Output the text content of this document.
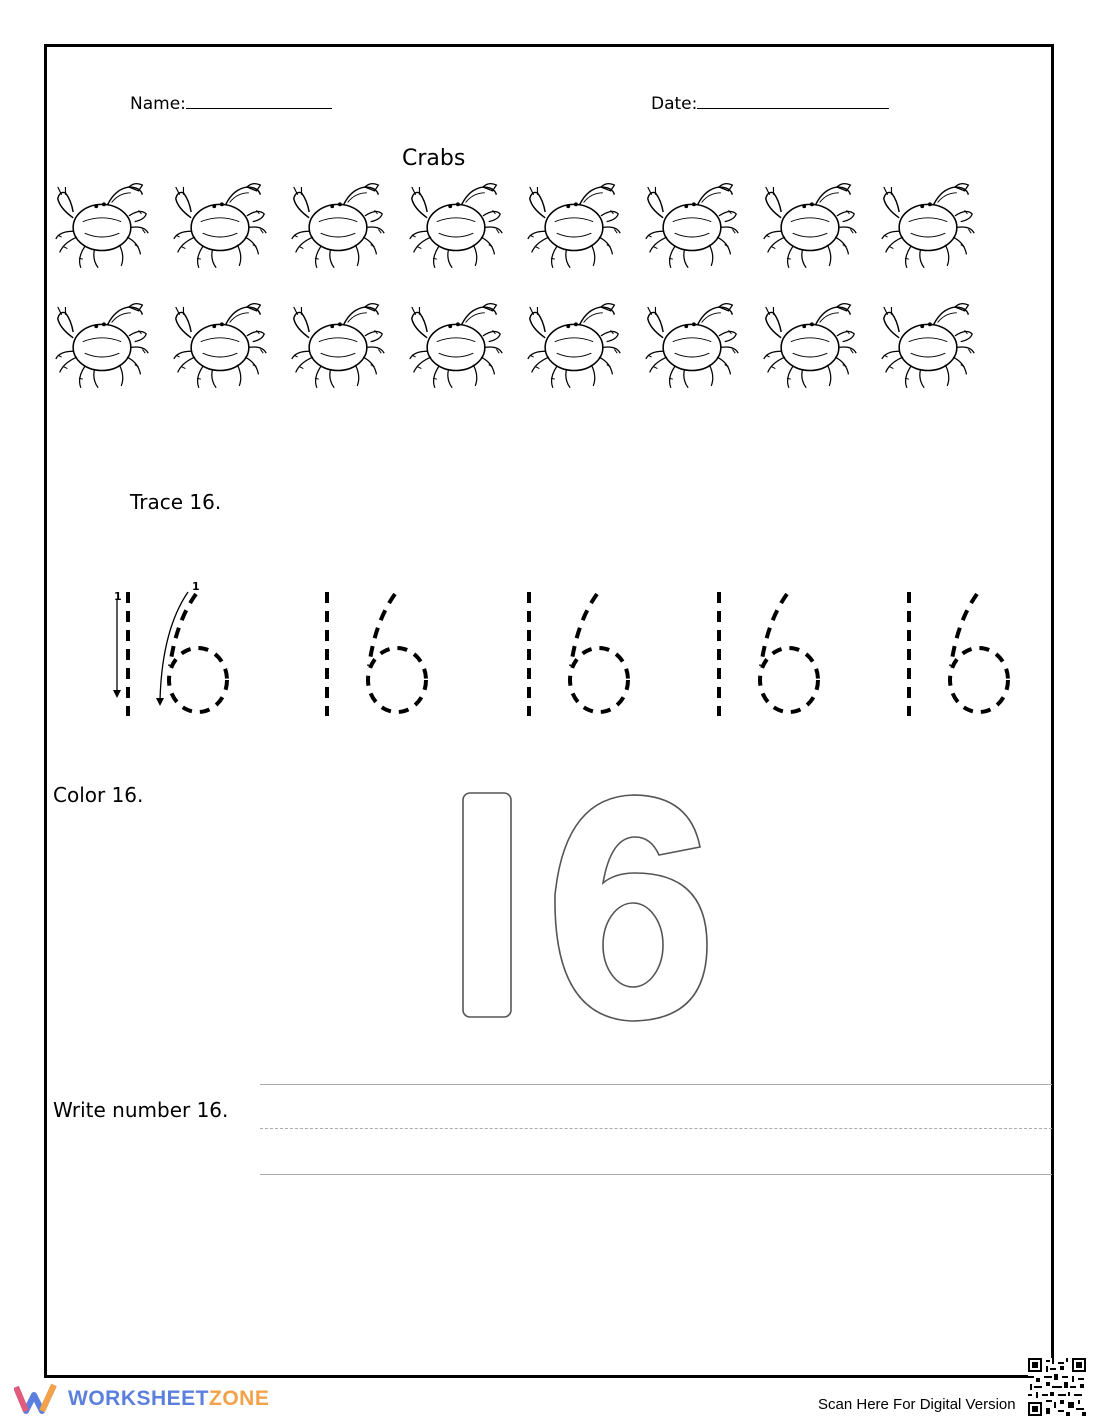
Name:	Date:
Crabs
Trace 16.
1
1
Color 16.
Write number 16.
WORKSHEETZONE	Scan Here For Digital Version
